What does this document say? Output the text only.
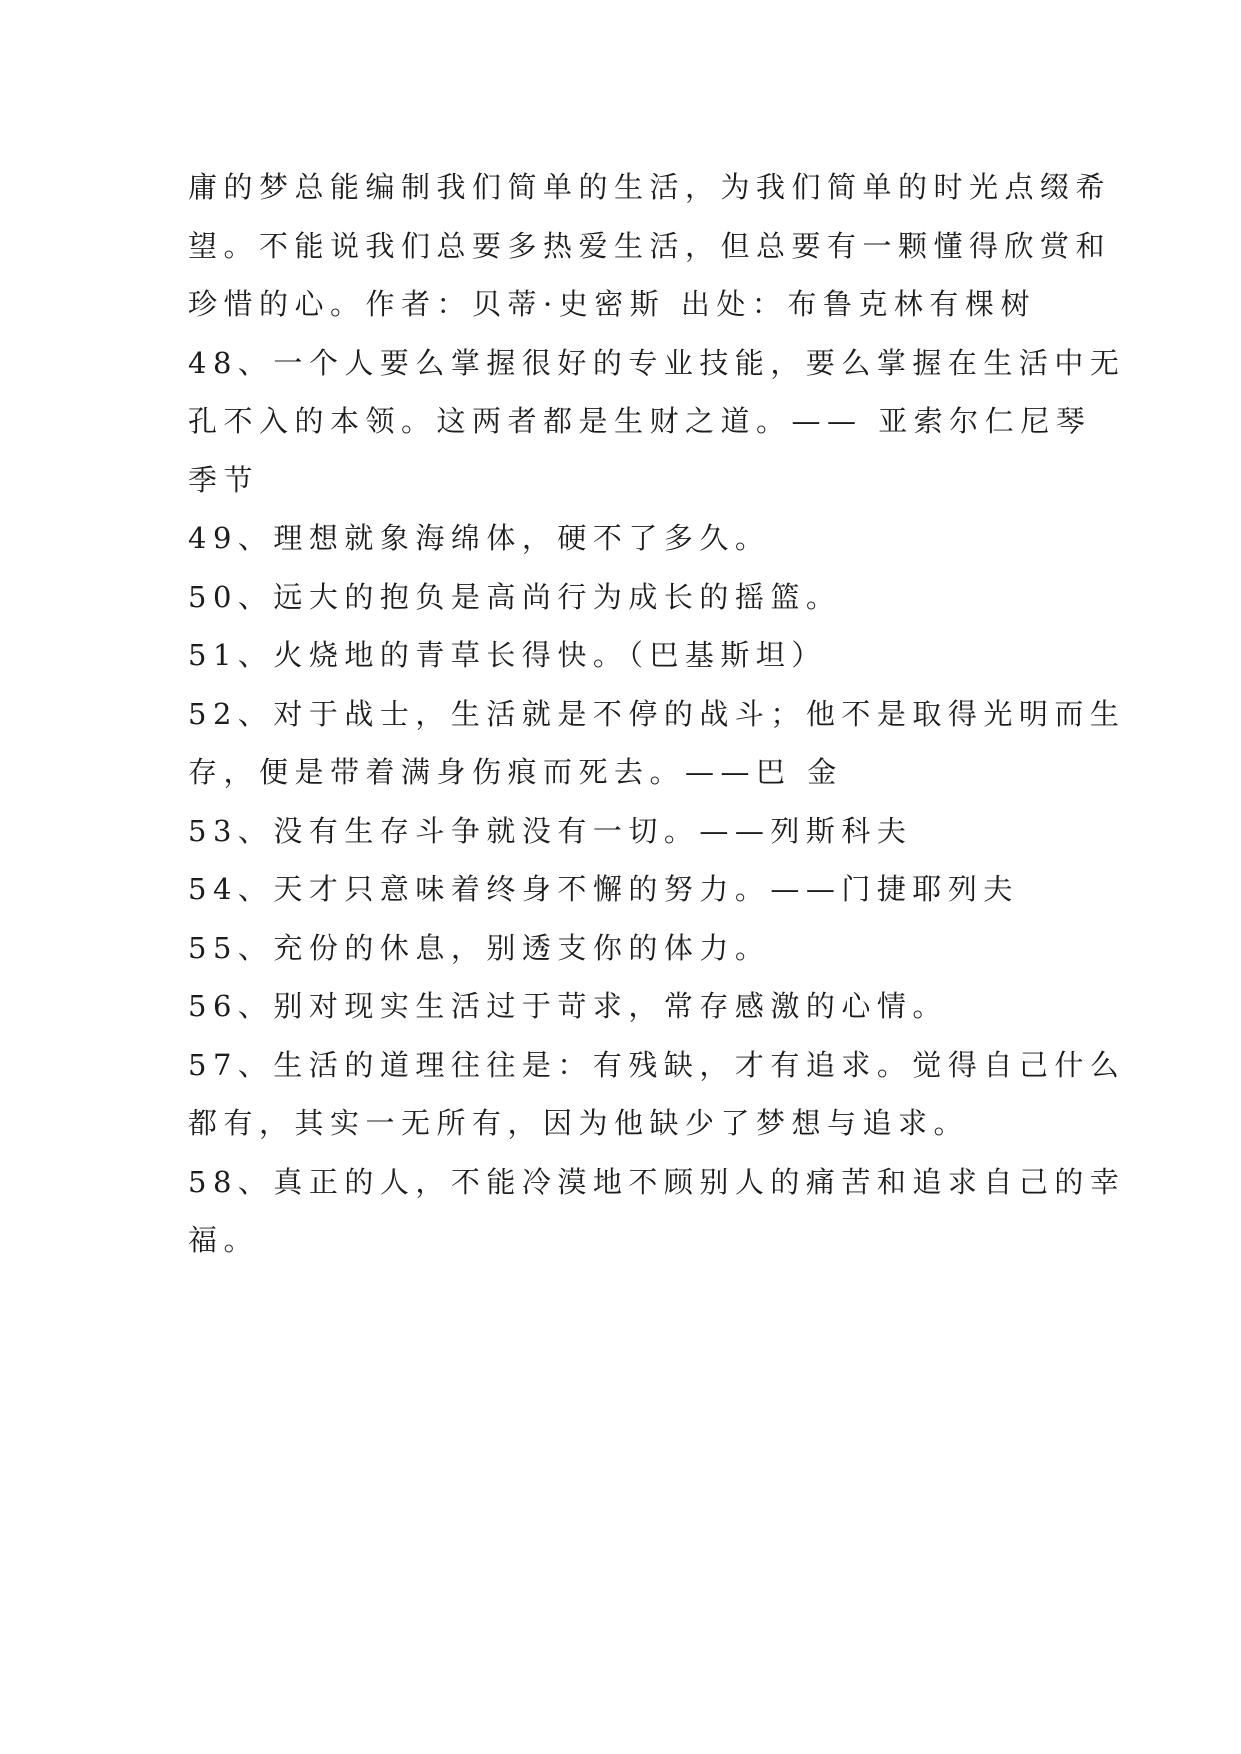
庸的梦总能编制我们简单的生活，为我们简单的时光点缀希
望。不能说我们总要多热爱生活，但总要有一颗懂得欣赏和
珍惜的心。作者：贝蒂·史密斯 出处：布鲁克林有棵树
48、一个人要么掌握很好的专业技能，要么掌握在生活中无
孔不入的本领。这两者都是生财之道。—— 亚索尔仁尼琴
季节
49、理想就象海绵体，硬不了多久。
50、远大的抱负是高尚行为成长的摇篮。
51、火烧地的青草长得快。（巴基斯坦）
52、对于战士，生活就是不停的战斗；他不是取得光明而生
存，便是带着满身伤痕而死去。——巴 金
53、没有生存斗争就没有一切。——列斯科夫
54、天才只意味着终身不懈的努力。——门捷耶列夫
55、充份的休息，别透支你的体力。
56、别对现实生活过于苛求，常存感激的心情。
57、生活的道理往往是：有残缺，才有追求。觉得自己什么
都有，其实一无所有，因为他缺少了梦想与追求。
58、真正的人，不能冷漠地不顾别人的痛苦和追求自己的幸
福。
